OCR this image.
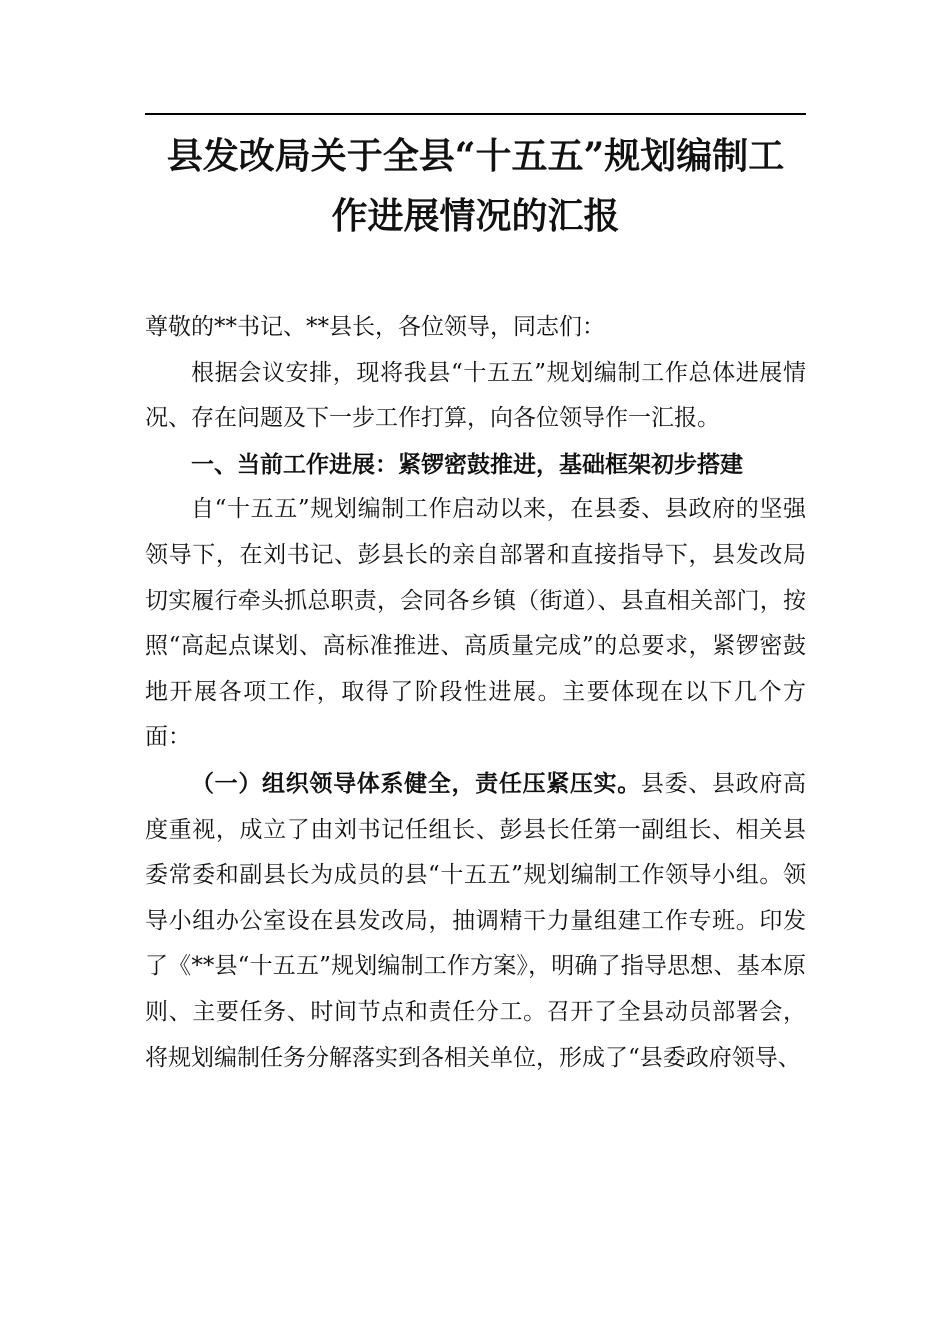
县发改局关于全县“十五五”规划编制工
作进展情况的汇报

尊敬的**书记、**县长，各位领导，同志们：

根据会议安排，现将我县“十五五”规划编制工作总体进展情况、存在问题及下一步工作打算，向各位领导作一汇报。

一、当前工作进展：紧锣密鼓推进，基础框架初步搭建

自“十五五”规划编制工作启动以来，在县委、县政府的坚强领导下，在刘书记、彭县长的亲自部署和直接指导下，县发改局切实履行牵头抓总职责，会同各乡镇（街道）、县直相关部门，按照“高起点谋划、高标准推进、高质量完成”的总要求，紧锣密鼓地开展各项工作，取得了阶段性进展。主要体现在以下几个方面：

（一）组织领导体系健全，责任压紧压实。县委、县政府高度重视，成立了由刘书记任组长、彭县长任第一副组长、相关县委常委和副县长为成员的县“十五五”规划编制工作领导小组。领导小组办公室设在县发改局，抽调精干力量组建工作专班。印发了《**县“十五五”规划编制工作方案》，明确了指导思想、基本原则、主要任务、时间节点和责任分工。召开了全县动员部署会，将规划编制任务分解落实到各相关单位，形成了“县委政府领导、
